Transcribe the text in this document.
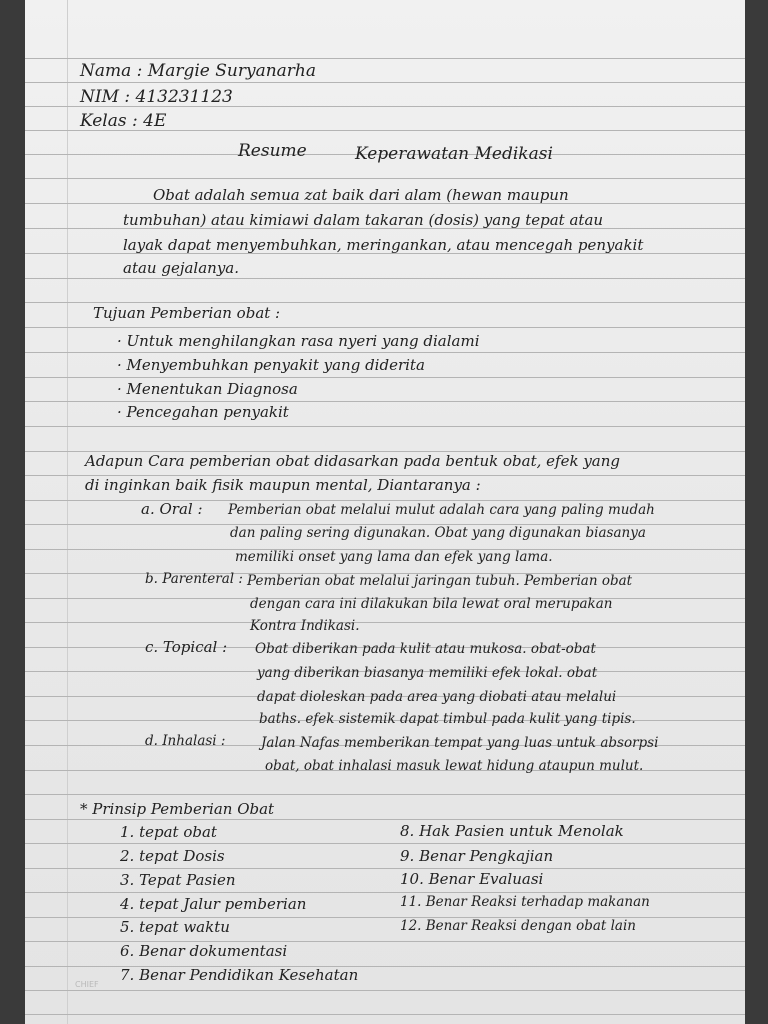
Nama : Margie Suryanarha
NIM : 413231123
Kelas : 4E
Resume	Keperawatan Medikasi
Obat adalah semua zat baik dari alam (hewan maupun
tumbuhan) atau kimiawi dalam takaran (dosis) yang tepat atau
layak dapat menyembuhkan, meringankan, atau mencegah penyakit
atau gejalanya.
Tujuan Pemberian obat :
· Untuk menghilangkan rasa nyeri yang dialami
· Menyembuhkan penyakit yang diderita
· Menentukan Diagnosa
· Pencegahan penyakit
Adapun Cara pemberian obat didasarkan pada bentuk obat, efek yang
di inginkan baik fisik maupun mental, Diantaranya :
a. Oral : Pemberian obat melalui mulut adalah cara yang paling mudah
dan paling sering digunakan. Obat yang digunakan biasanya
memiliki onset yang lama dan efek yang lama.
b. Parenteral : Pemberian obat melalui jaringan tubuh. Pemberian obat
dengan cara ini dilakukan bila lewat oral merupakan
Kontra Indikasi.
c. Topical : Obat diberikan pada kulit atau mukosa. obat-obat
yang diberikan biasanya memiliki efek lokal. obat
dapat dioleskan pada area yang diobati atau melalui
baths. efek sistemik dapat timbul pada kulit yang tipis.
d. Inhalasi :	Jalan Nafas memberikan tempat yang luas untuk absorpsi
obat, obat inhalasi masuk lewat hidung ataupun mulut.
* Prinsip Pemberian Obat
1. tepat obat
2. tepat Dosis
3. Tepat Pasien
4. tepat Jalur pemberian
5. tepat waktu
6. Benar dokumentasi
7. Benar Pendidikan Kesehatan
8. Hak Pasien untuk Menolak
9. Benar Pengkajian
10. Benar Evaluasi
11. Benar Reaksi terhadap makanan
12. Benar Reaksi dengan obat lain
CHIEF
